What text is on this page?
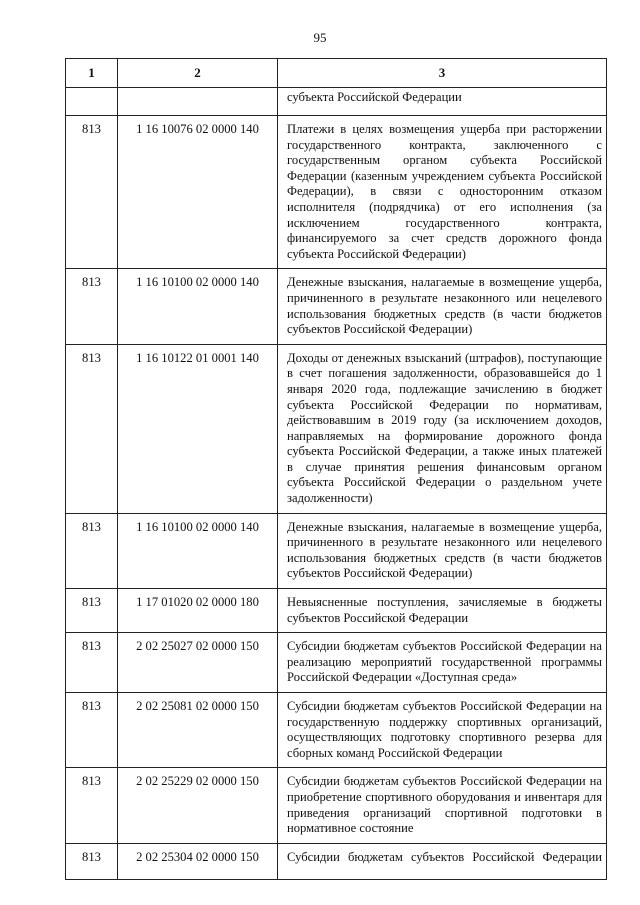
95
1	2	3
		субъекта Российской Федерации
813	1 16 10076 02 0000 140	Платежи в целях возмещения ущерба при расторжении государственного контракта, заключенного с государственным органом субъекта Российской Федерации (казенным учреждением субъекта Российской Федерации), в связи с односторонним отказом исполнителя (подрядчика) от его исполнения (за исключением государственного контракта, финансируемого за счет средств дорожного фонда субъекта Российской Федерации)
813	1 16 10100 02 0000 140	Денежные взыскания, налагаемые в возмещение ущерба, причиненного в результате незаконного или нецелевого использования бюджетных средств (в части бюджетов субъектов Российской Федерации)
813	1 16 10122 01 0001 140	Доходы от денежных взысканий (штрафов), поступающие в счет погашения задолженности, образовавшейся до 1 января 2020 года, подлежащие зачислению в бюджет субъекта Российской Федерации по нормативам, действовавшим в 2019 году (за исключением доходов, направляемых на формирование дорожного фонда субъекта Российской Федерации, а также иных платежей в случае принятия решения финансовым органом субъекта Российской Федерации о раздельном учете задолженности)
813	1 16 10100 02 0000 140	Денежные взыскания, налагаемые в возмещение ущерба, причиненного в результате незаконного или нецелевого использования бюджетных средств (в части бюджетов субъектов Российской Федерации)
813	1 17 01020 02 0000 180	Невыясненные поступления, зачисляемые в бюджеты субъектов Российской Федерации
813	2 02 25027 02 0000 150	Субсидии бюджетам субъектов Российской Федерации на реализацию мероприятий государственной программы Российской Федерации «Доступная среда»
813	2 02 25081 02 0000 150	Субсидии бюджетам субъектов Российской Федерации на государственную поддержку спортивных организаций, осуществляющих подготовку спортивного резерва для сборных команд Российской Федерации
813	2 02 25229 02 0000 150	Субсидии бюджетам субъектов Российской Федерации на приобретение спортивного оборудования и инвентаря для приведения организаций спортивной подготовки в нормативное состояние
813	2 02 25304 02 0000 150	Субсидии бюджетам субъектов Российской Федерации
